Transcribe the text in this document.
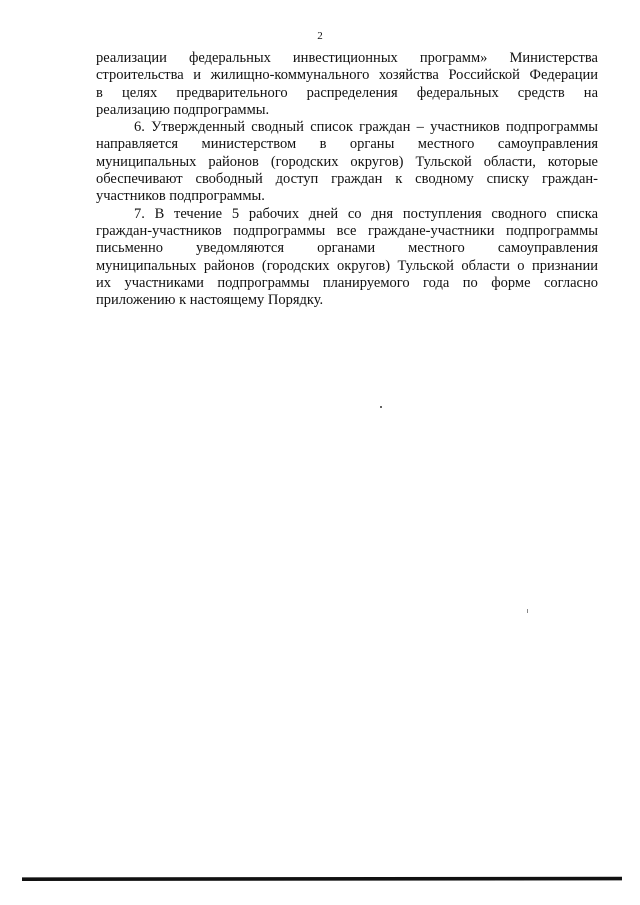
2

реализации федеральных инвестиционных программ» Министерства
строительства и жилищно-коммунального хозяйства Российской Федерации
в целях предварительного распределения федеральных средств на
реализацию подпрограммы.

6. Утвержденный сводный список граждан – участников подпрограммы
направляется министерством в органы местного самоуправления
муниципальных районов (городских округов) Тульской области, которые
обеспечивают свободный доступ граждан к сводному списку граждан-
участников подпрограммы.

7. В течение 5 рабочих дней со дня поступления сводного списка
граждан-участников подпрограммы все граждане-участники подпрограммы
письменно уведомляются органами местного самоуправления
муниципальных районов (городских округов) Тульской области о признании
их участниками подпрограммы планируемого года по форме согласно
приложению к настоящему Порядку.
